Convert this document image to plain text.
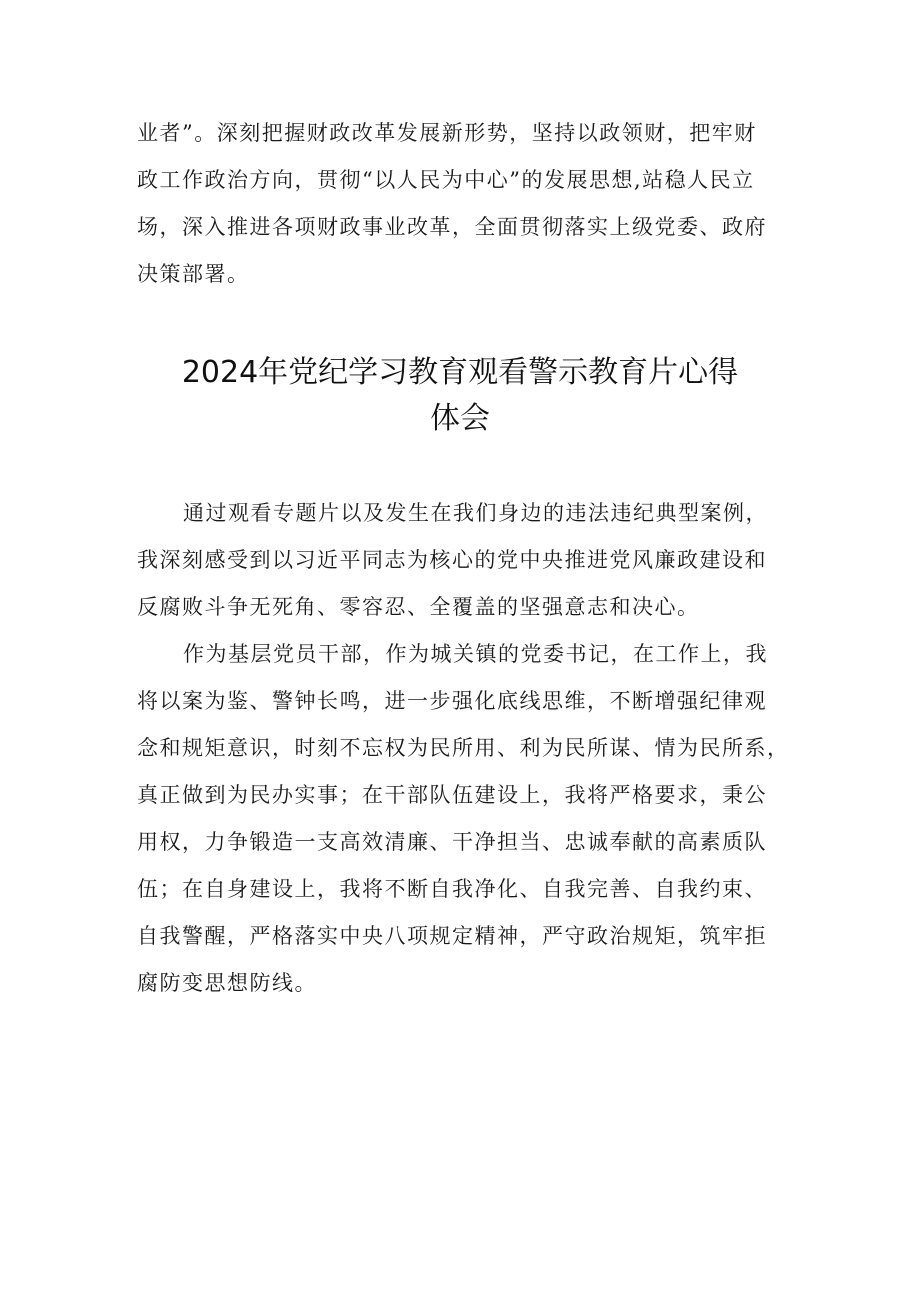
业者”。深刻把握财政改革发展新形势，坚持以政领财，把牢财
政工作政治方向，贯彻“以人民为中心”的发展思想,站稳人民立
场，深入推进各项财政事业改革，全面贯彻落实上级党委、政府
决策部署。
2024年党纪学习教育观看警示教育片心得
体会
通过观看专题片以及发生在我们身边的违法违纪典型案例，
我深刻感受到以习近平同志为核心的党中央推进党风廉政建设和
反腐败斗争无死角、零容忍、全覆盖的坚强意志和决心。
作为基层党员干部，作为城关镇的党委书记，在工作上，我
将以案为鉴、警钟长鸣，进一步强化底线思维，不断增强纪律观
念和规矩意识，时刻不忘权为民所用、利为民所谋、情为民所系，
真正做到为民办实事；在干部队伍建设上，我将严格要求，秉公
用权，力争锻造一支高效清廉、干净担当、忠诚奉献的高素质队
伍；在自身建设上，我将不断自我净化、自我完善、自我约束、
自我警醒，严格落实中央八项规定精神，严守政治规矩，筑牢拒
腐防变思想防线。
